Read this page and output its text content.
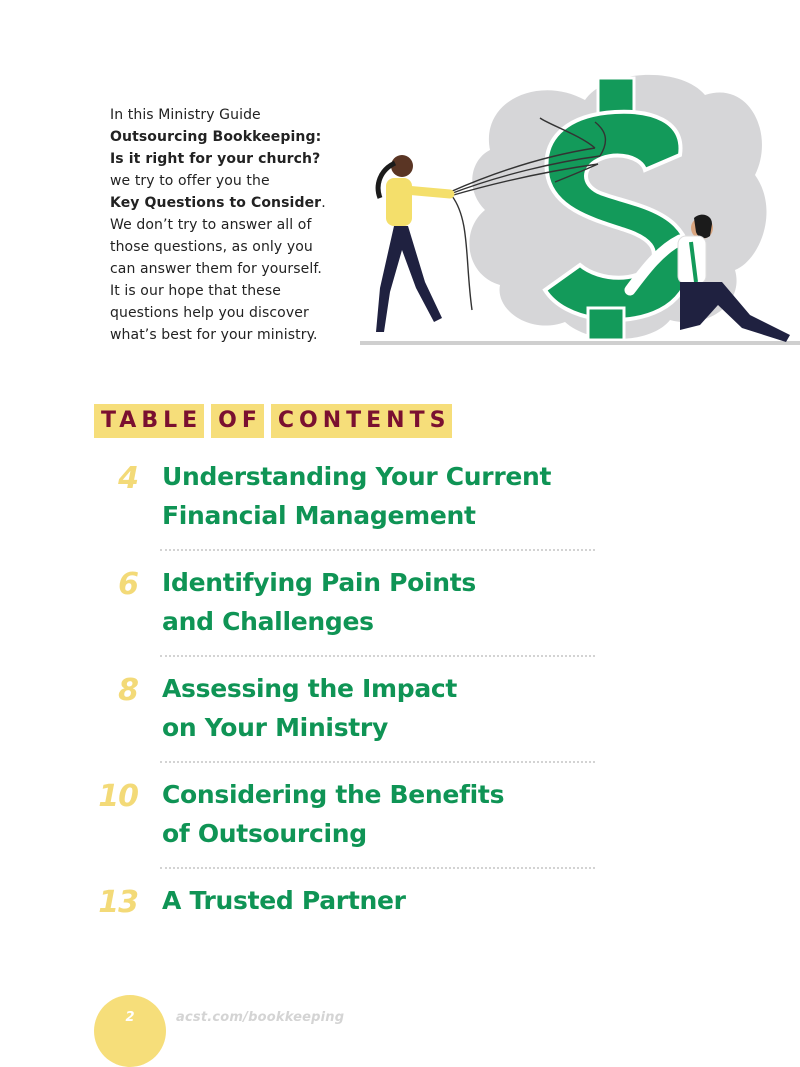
In this Ministry Guide
Outsourcing Bookkeeping:
Is it right for your church?
we try to offer you the
Key Questions to Consider.
We don’t try to answer all of
those questions, as only you
can answer them for yourself.
It is our hope that these
questions help you discover
what’s best for your ministry.
TABLE OF CONTENTS
4 Understanding Your Current
Financial Management
6 Identifying Pain Points
and Challenges
8 Assessing the Impact
on Your Ministry
10 Considering the Benefits
of Outsourcing
13 A Trusted Partner
2	acst.com/bookkeeping
